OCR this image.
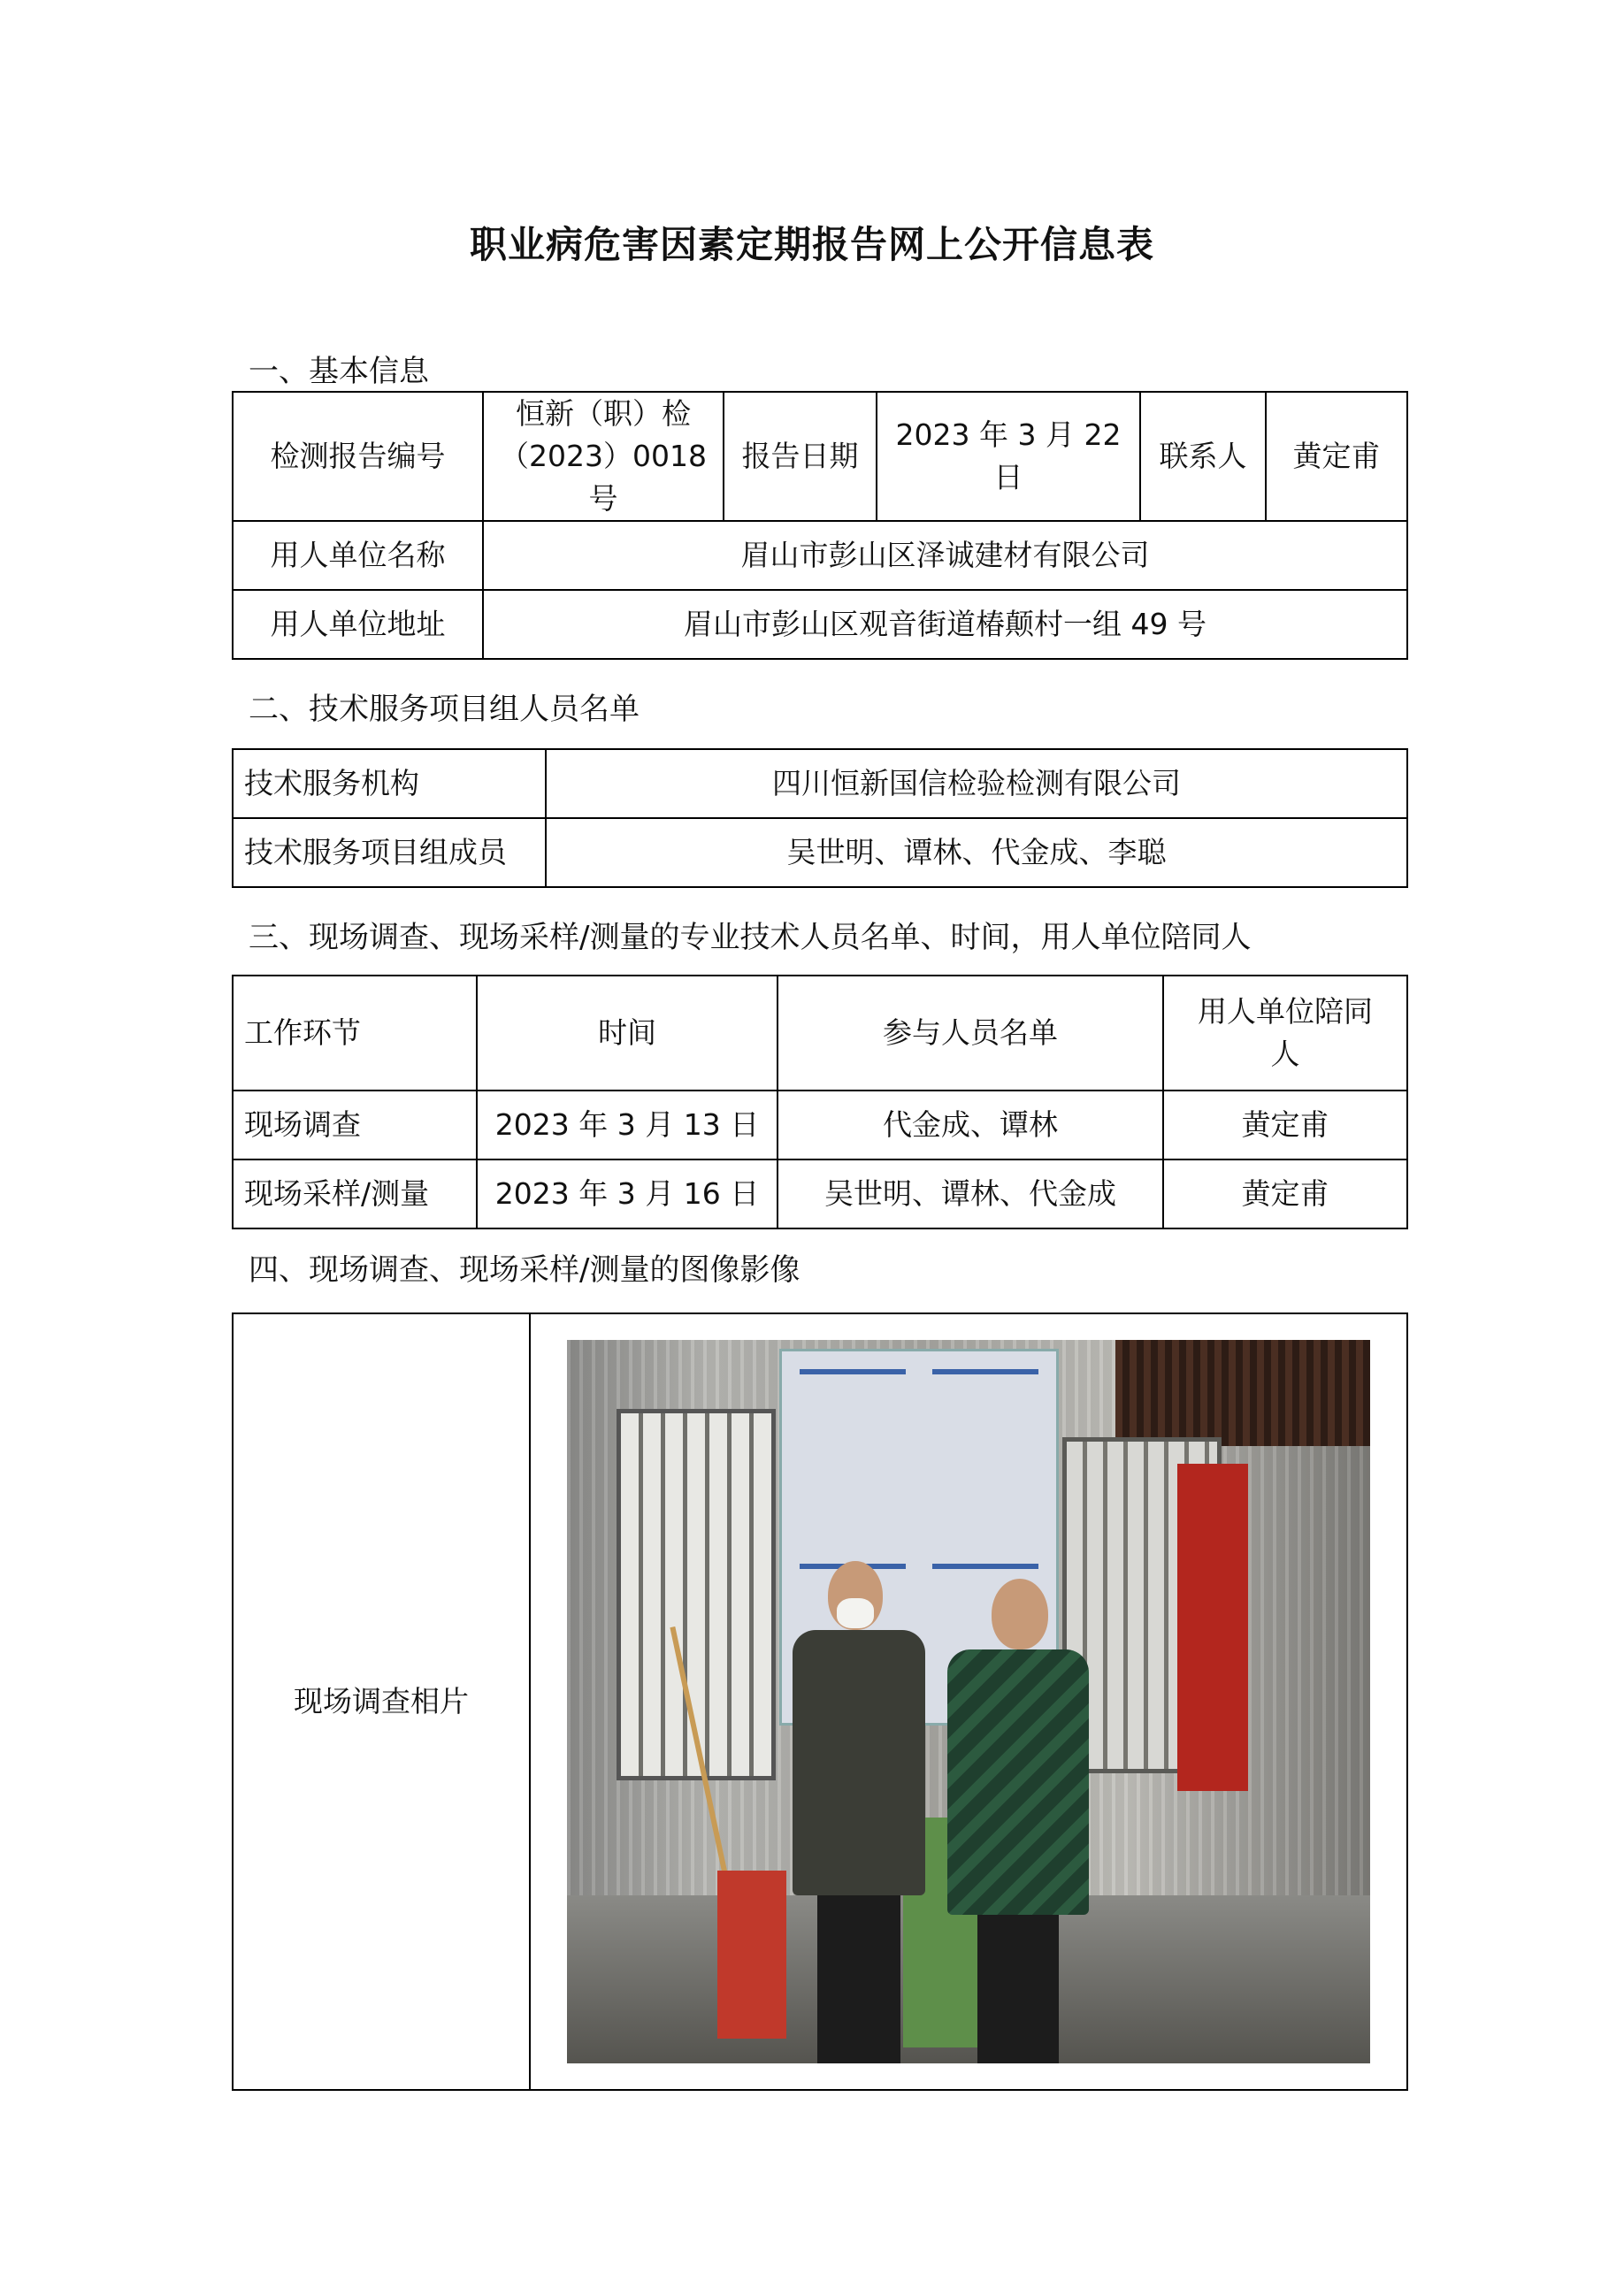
职业病危害因素定期报告网上公开信息表
一、基本信息
检测报告编号	恒新（职）检
（2023）0018 号	报告日期	2023 年 3 月 22 日	联系人	黄定甫
用人单位名称	眉山市彭山区泽诚建材有限公司				
用人单位地址	眉山市彭山区观音街道椿颠村一组 49 号				
二、技术服务项目组人员名单
技术服务机构	四川恒新国信检验检测有限公司
技术服务项目组成员	吴世明、谭林、代金成、李聪
三、现场调查、现场采样/测量的专业技术人员名单、时间，用人单位陪同人
工作环节	时间	参与人员名单	用人单位陪同
人

现场调查	2023 年 3 月 13 日	代金成、谭林	黄定甫
现场采样/测量	2023 年 3 月 16 日	吴世明、谭林、代金成	黄定甫
四、现场调查、现场采样/测量的图像影像
现场调查相片	
